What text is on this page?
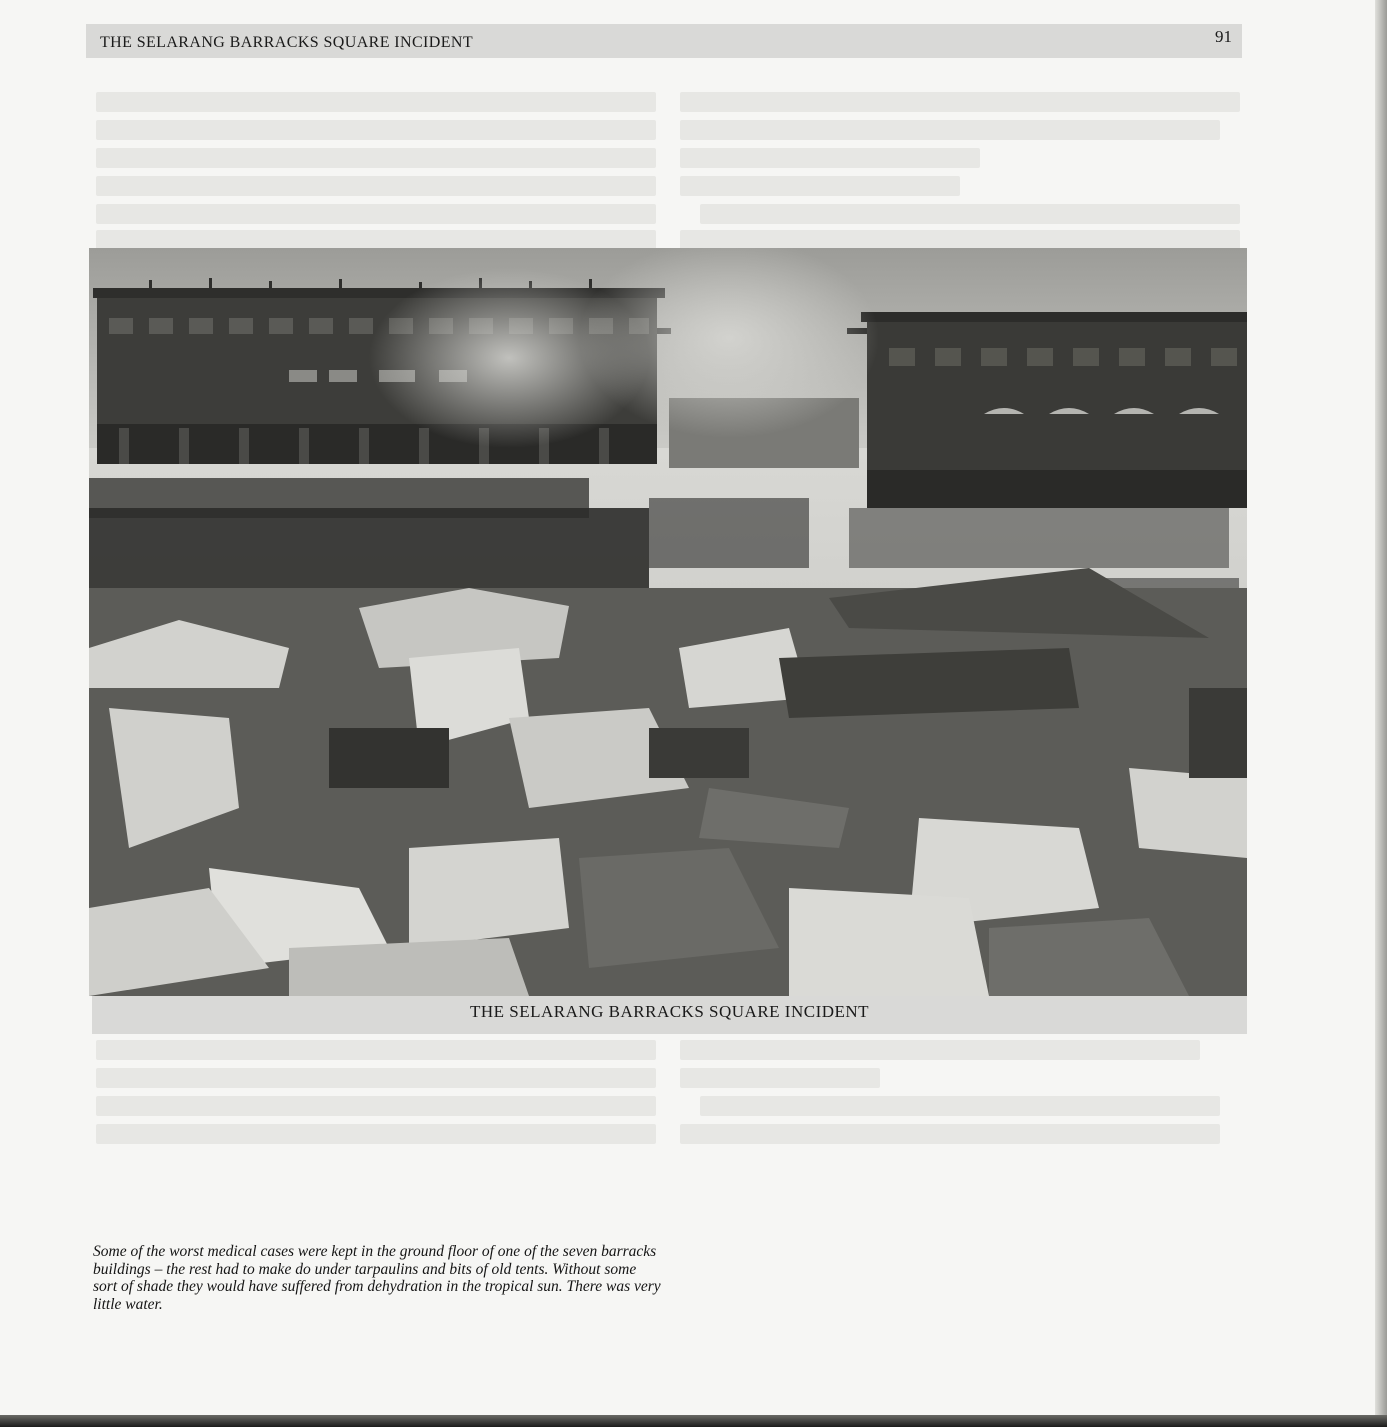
THE SELARANG BARRACKS SQUARE INCIDENT	91
THE SELARANG BARRACKS SQUARE INCIDENT

Some of the worst medical cases were kept in the ground floor of one of the seven barracks buildings – the rest had to make do under tarpaulins and bits of old tents. Without some sort of shade they would have suffered from dehydration in the tropical sun. There was very little water.
